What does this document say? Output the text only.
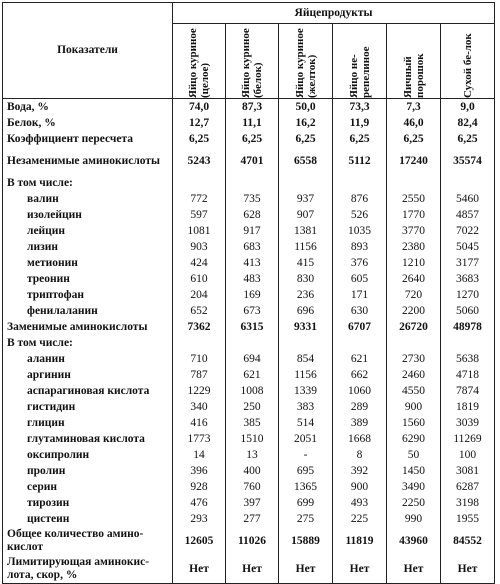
Показатели	Яйцепродукты					

	Яйцо куриное (целое)	Яйцо куриное (белок)	Яйцо куриное (желток)	Яйцо не-репелиное	Яичный порошок	Сухой бе-лок

Вода, %	74,0	87,3	50,0	73,3	7,3	9,0
Белок, %	12,7	11,1	16,2	11,9	46,0	82,4
Коэффициент пересчета	6,25	6,25	6,25	6,25	6,25	6,25
Незаменимые аминокислоты	5243	4701	6558	5112	17240	35574
В том числе:						
валин	772	735	937	876	2550	5460
изолейцин	597	628	907	526	1770	4857
лейцин	1081	917	1381	1035	3770	7022
лизин	903	683	1156	893	2380	5045
метионин	424	413	415	376	1210	3177
треонин	610	483	830	605	2640	3683
триптофан	204	169	236	171	720	1270
фенилаланин	652	673	696	630	2200	5060
Заменимые аминокислоты	7362	6315	9331	6707	26720	48978
В том числе:						
аланин	710	694	854	621	2730	5638
аргинин	787	621	1156	662	2460	4718
аспарагиновая кислота	1229	1008	1339	1060	4550	7874
гистидин	340	250	383	289	900	1819
глицин	416	385	514	389	1560	3039
глутаминовая кислота	1773	1510	2051	1668	6290	11269
оксипролин	14	13	-	8	50	100
пролин	396	400	695	392	1450	3081
серин	928	760	1365	900	3490	6287
тирозин	476	397	699	493	2250	3198
цистеин	293	277	275	225	990	1955
Общее количество амино-кислот	12605	11026	15889	11819	43960	84552
Лимитирующая аминокис-лота, скор, %	Нет	Нет	Нет	Нет	Нет	Нет
